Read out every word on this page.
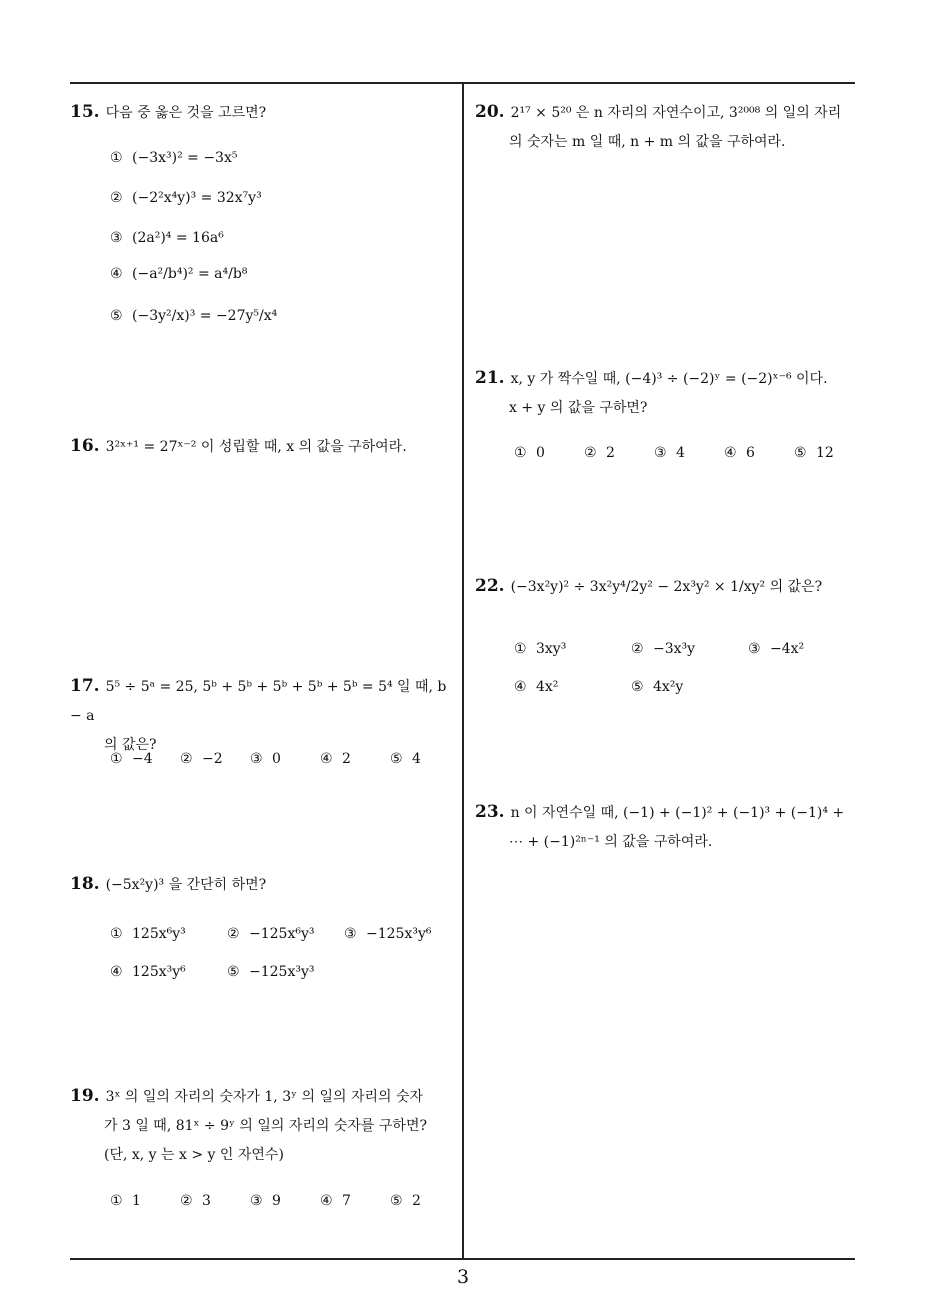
15. 다음 중 옳은 것을 고르면?
① (−3x³)² = −3x⁵
② (−2²x⁴y)³ = 32x⁷y³
③ (2a²)⁴ = 16a⁶
④ (−a²/b⁴)² = a⁴/b⁸
⑤ (−3y²/x)³ = −27y⁵/x⁴
16. 3²ˣ⁺¹ = 27ˣ⁻² 이 성립할 때, x 의 값을 구하여라.
17. 5⁵ ÷ 5ᵃ = 25, 5ᵇ + 5ᵇ + 5ᵇ + 5ᵇ + 5ᵇ = 5⁴ 일 때, b − a
의 값은?
① −4 ② −2 ③ 0	④ 2	⑤ 4
18. (−5x²y)³ 을 간단히 하면?
① 125x⁶y³	② −125x⁶y³ ③ −125x³y⁶
④ 125x³y⁶	⑤ −125x³y³
19. 3ˣ 의 일의 자리의 숫자가 1, 3ʸ 의 일의 자리의 숫자
가 3 일 때, 81ˣ ÷ 9ʸ 의 일의 자리의 숫자를 구하면?
(단, x, y 는 x > y 인 자연수)
① 1	② 3	③ 9	④ 7	⑤ 2
20. 2¹⁷ × 5²⁰ 은 n 자리의 자연수이고, 3²⁰⁰⁸ 의 일의 자리
의 숫자는 m 일 때, n + m 의 값을 구하여라.
21. x, y 가 짝수일 때, (−4)³ ÷ (−2)ʸ = (−2)ˣ⁻⁶ 이다.
x + y 의 값을 구하면?
① 0	② 2	③ 4	④ 6	⑤ 12
22. (−3x²y)² ÷ 3x²y⁴/2y² − 2x³y² × 1/xy² 의 값은?
① 3xy³	② −3x³y	③ −4x²
④ 4x²	⑤ 4x²y
23. n 이 자연수일 때, (−1) + (−1)² + (−1)³ + (−1)⁴ +
⋯ + (−1)²ⁿ⁻¹ 의 값을 구하여라.
3
